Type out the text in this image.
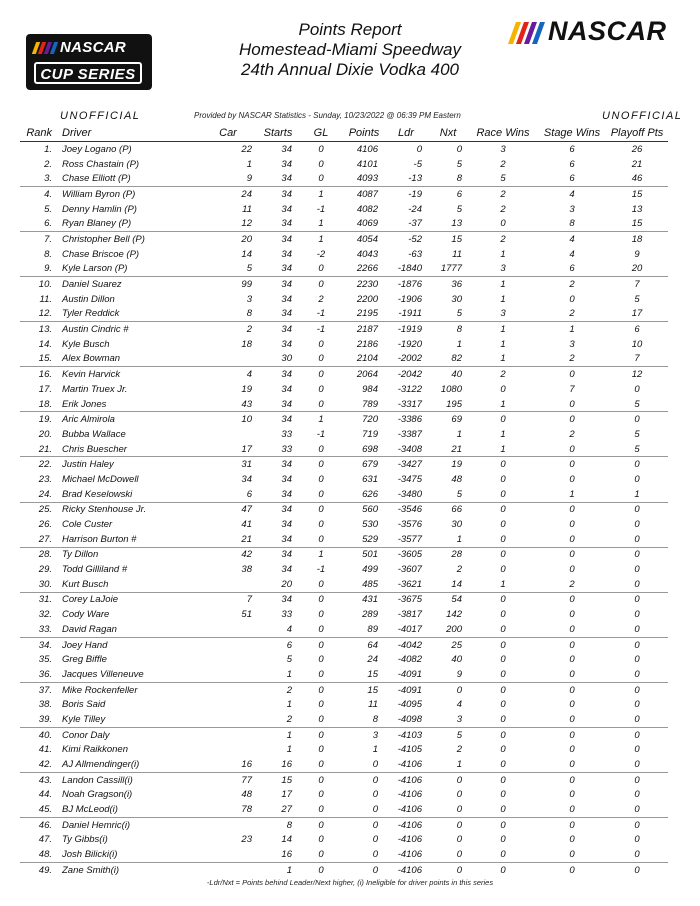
NASCAR
CUP SERIES
Points Report
Homestead-Miami Speedway
24th Annual Dixie Vodka 400
NASCAR
UNOFFICIAL	Provided by NASCAR Statistics - Sunday, 10/23/2022 @ 06:39 PM Eastern	UNOFFICIAL
Rank	Driver	Car	Starts	GL	Points	Ldr	Nxt	Race Wins	Stage Wins	Playoff Pts
1.	Joey Logano (P)	22	34	0	4106	0	0	3	6	26
2.	Ross Chastain (P)	1	34	0	4101	-5	5	2	6	21
3.	Chase Elliott (P)	9	34	0	4093	-13	8	5	6	46
4.	William Byron (P)	24	34	1	4087	-19	6	2	4	15
5.	Denny Hamlin (P)	11	34	-1	4082	-24	5	2	3	13
6.	Ryan Blaney (P)	12	34	1	4069	-37	13	0	8	15
7.	Christopher Bell (P)	20	34	1	4054	-52	15	2	4	18
8.	Chase Briscoe (P)	14	34	-2	4043	-63	11	1	4	9
9.	Kyle Larson (P)	5	34	0	2266	-1840	1777	3	6	20
10.	Daniel Suarez	99	34	0	2230	-1876	36	1	2	7
11.	Austin Dillon	3	34	2	2200	-1906	30	1	0	5
12.	Tyler Reddick	8	34	-1	2195	-1911	5	3	2	17
13.	Austin Cindric #	2	34	-1	2187	-1919	8	1	1	6
14.	Kyle Busch	18	34	0	2186	-1920	1	1	3	10
15.	Alex Bowman		30	0	2104	-2002	82	1	2	7
16.	Kevin Harvick	4	34	0	2064	-2042	40	2	0	12
17.	Martin Truex Jr.	19	34	0	984	-3122	1080	0	7	0
18.	Erik Jones	43	34	0	789	-3317	195	1	0	5
19.	Aric Almirola	10	34	1	720	-3386	69	0	0	0
20.	Bubba Wallace		33	-1	719	-3387	1	1	2	5
21.	Chris Buescher	17	33	0	698	-3408	21	1	0	5
22.	Justin Haley	31	34	0	679	-3427	19	0	0	0
23.	Michael McDowell	34	34	0	631	-3475	48	0	0	0
24.	Brad Keselowski	6	34	0	626	-3480	5	0	1	1
25.	Ricky Stenhouse Jr.	47	34	0	560	-3546	66	0	0	0
26.	Cole Custer	41	34	0	530	-3576	30	0	0	0
27.	Harrison Burton #	21	34	0	529	-3577	1	0	0	0
28.	Ty Dillon	42	34	1	501	-3605	28	0	0	0
29.	Todd Gilliland #	38	34	-1	499	-3607	2	0	0	0
30.	Kurt Busch		20	0	485	-3621	14	1	2	0
31.	Corey LaJoie	7	34	0	431	-3675	54	0	0	0
32.	Cody Ware	51	33	0	289	-3817	142	0	0	0
33.	David Ragan		4	0	89	-4017	200	0	0	0
34.	Joey Hand		6	0	64	-4042	25	0	0	0
35.	Greg Biffle		5	0	24	-4082	40	0	0	0
36.	Jacques Villeneuve		1	0	15	-4091	9	0	0	0
37.	Mike Rockenfeller		2	0	15	-4091	0	0	0	0
38.	Boris Said		1	0	11	-4095	4	0	0	0
39.	Kyle Tilley		2	0	8	-4098	3	0	0	0
40.	Conor Daly		1	0	3	-4103	5	0	0	0
41.	Kimi Raikkonen		1	0	1	-4105	2	0	0	0
42.	AJ Allmendinger(i)	16	16	0	0	-4106	1	0	0	0
43.	Landon Cassill(i)	77	15	0	0	-4106	0	0	0	0
44.	Noah Gragson(i)	48	17	0	0	-4106	0	0	0	0
45.	BJ McLeod(i)	78	27	0	0	-4106	0	0	0	0
46.	Daniel Hemric(i)		8	0	0	-4106	0	0	0	0
47.	Ty Gibbs(i)	23	14	0	0	-4106	0	0	0	0
48.	Josh Bilicki(i)		16	0	0	-4106	0	0	0	0
49.	Zane Smith(i)		1	0	0	-4106	0	0	0	0
-Ldr/Nxt = Points behind Leader/Next higher, (i) Ineligible for driver points in this series
